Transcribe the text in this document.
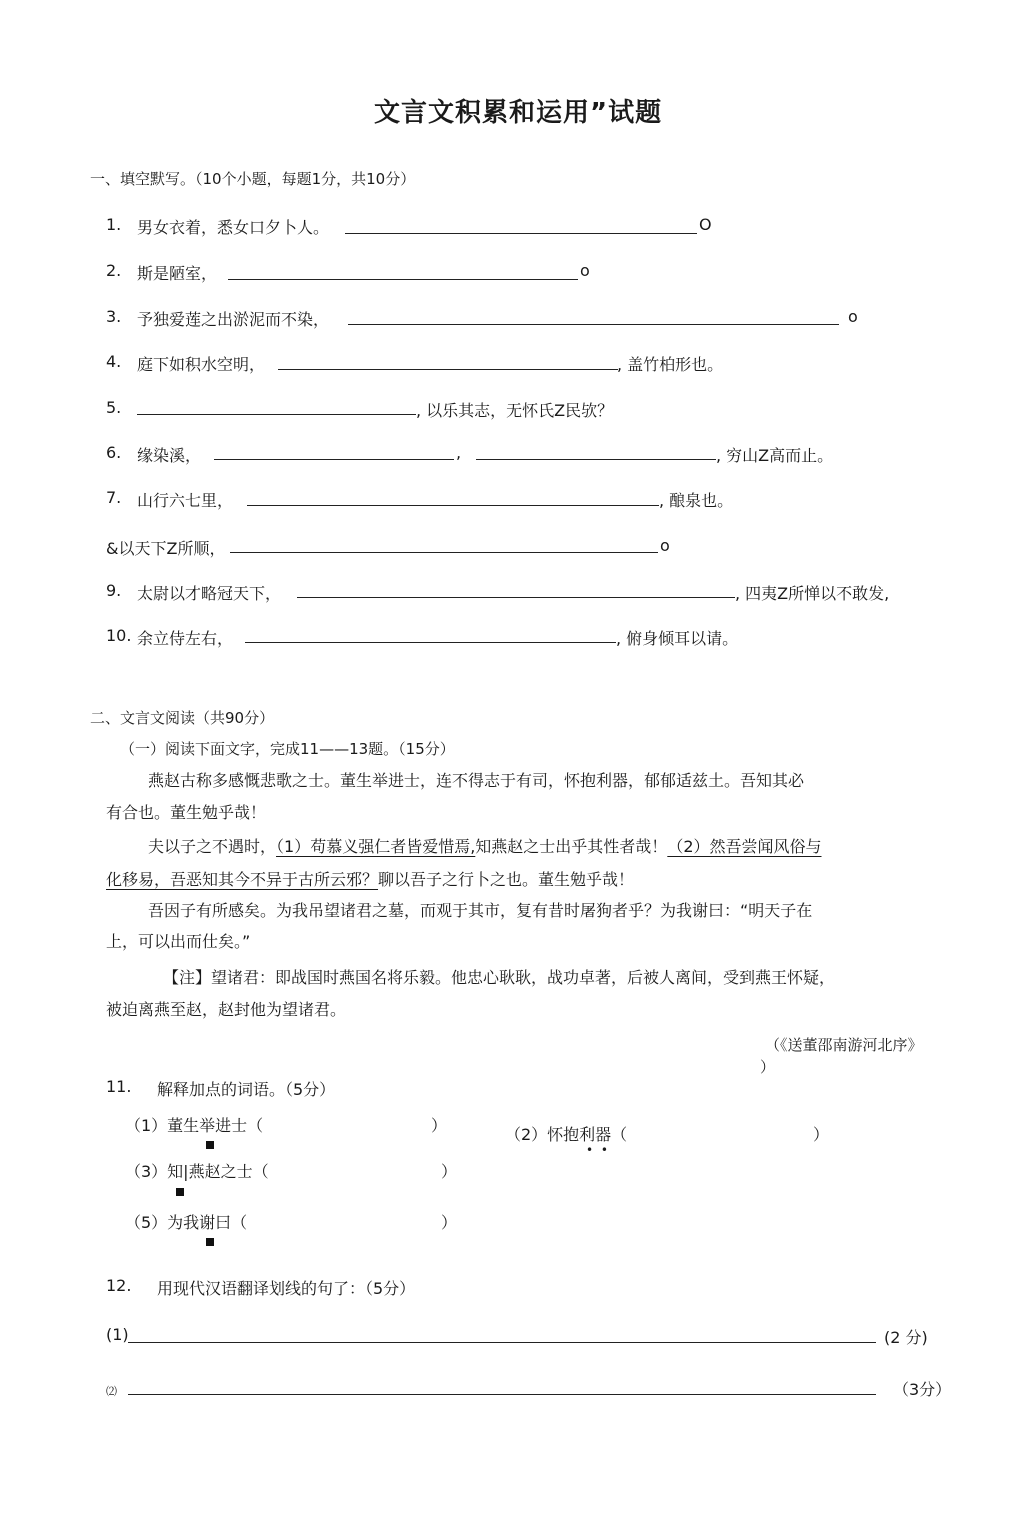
文言文积累和运用”试题
一、填空默写。（10个小题，每题1分，共10分）
1. 男女衣着，悉女口夕卜人。	O
2. 斯是陋室，	o
3. 予独爱莲之出淤泥而不染，	o
4. 庭下如积水空明，	, 盖竹柏形也。
5.	, 以乐其志，无怀氏Z民欤？
6. 缘染溪，	,	, 穷山Z高而止。
7. 山行六七里，	, 酿泉也。
&以天下Z所顺，	o
9. 太尉以才略冠天下，	, 四夷Z所惮以不敢发,
10. 余立侍左右，	, 俯身倾耳以请。
二、文言文阅读（共90分）
（一）阅读下面文字，完成11——13题。（15分）
燕赵古称多感慨悲歌之士。董生举进士，连不得志于有司，怀抱利器，郁郁适兹土。吾知其必
有合也。董生勉乎哉！
夫以子之不遇时，（1）苟慕义强仁者皆爱惜焉,知燕赵之士出乎其性者哉！（2）然吾尝闻风俗与
化移易，吾恶知其今不异于古所云邪？聊以吾子之行卜之也。董生勉乎哉！
吾因子有所感矣。为我吊望诸君之墓，而观于其市，复有昔时屠狗者乎？为我谢曰：“明天子在
上，可以出而仕矣。”
【注】望诸君：即战国时燕国名将乐毅。他忠心耿耿，战功卓著，后被人离间，受到燕王怀疑，
被迫离燕至赵，赵封他为望诸君。
（《送董邵南游河北序》
）
11. 解释加点的词语。（5分）
（1）董生举进士（	）	（2）怀抱利器（	）
• •
（3）知|燕赵之士（	）
（5）为我谢曰（	）
12. 用现代汉语翻译划线的句了：（5分）
(1)	(2 分)
⑵	（3分）
